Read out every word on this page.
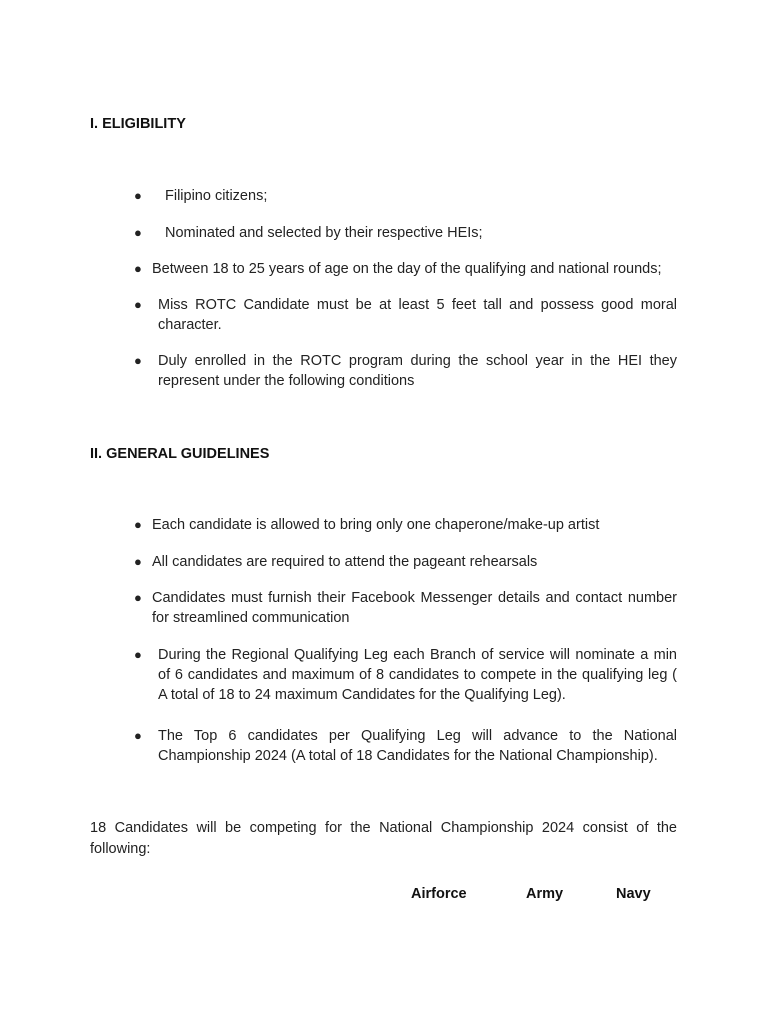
I. ELIGIBILITY
● Filipino citizens;
● Nominated and selected by their respective HEIs;
● Between 18 to 25 years of age on the day of the qualifying and national rounds;
● Miss ROTC Candidate must be at least 5 feet tall and possess good moral character.
● Duly enrolled in the ROTC program during the school year in the HEI they represent under the following conditions
II. GENERAL GUIDELINES
● Each candidate is allowed to bring only one chaperone/make-up artist
● All candidates are required to attend the pageant rehearsals
● Candidates must furnish their Facebook Messenger details and contact number for streamlined communication
● During the Regional Qualifying Leg each Branch of service will nominate a min of 6 candidates and maximum of 8 candidates to compete in the qualifying leg ( A total of 18 to 24 maximum Candidates for the Qualifying Leg).
● The Top 6 candidates per Qualifying Leg will advance to the National Championship 2024 (A total of 18 Candidates for the National Championship).

18 Candidates will be competing for the National Championship 2024 consist of the following:

Airforce	Army	Navy
